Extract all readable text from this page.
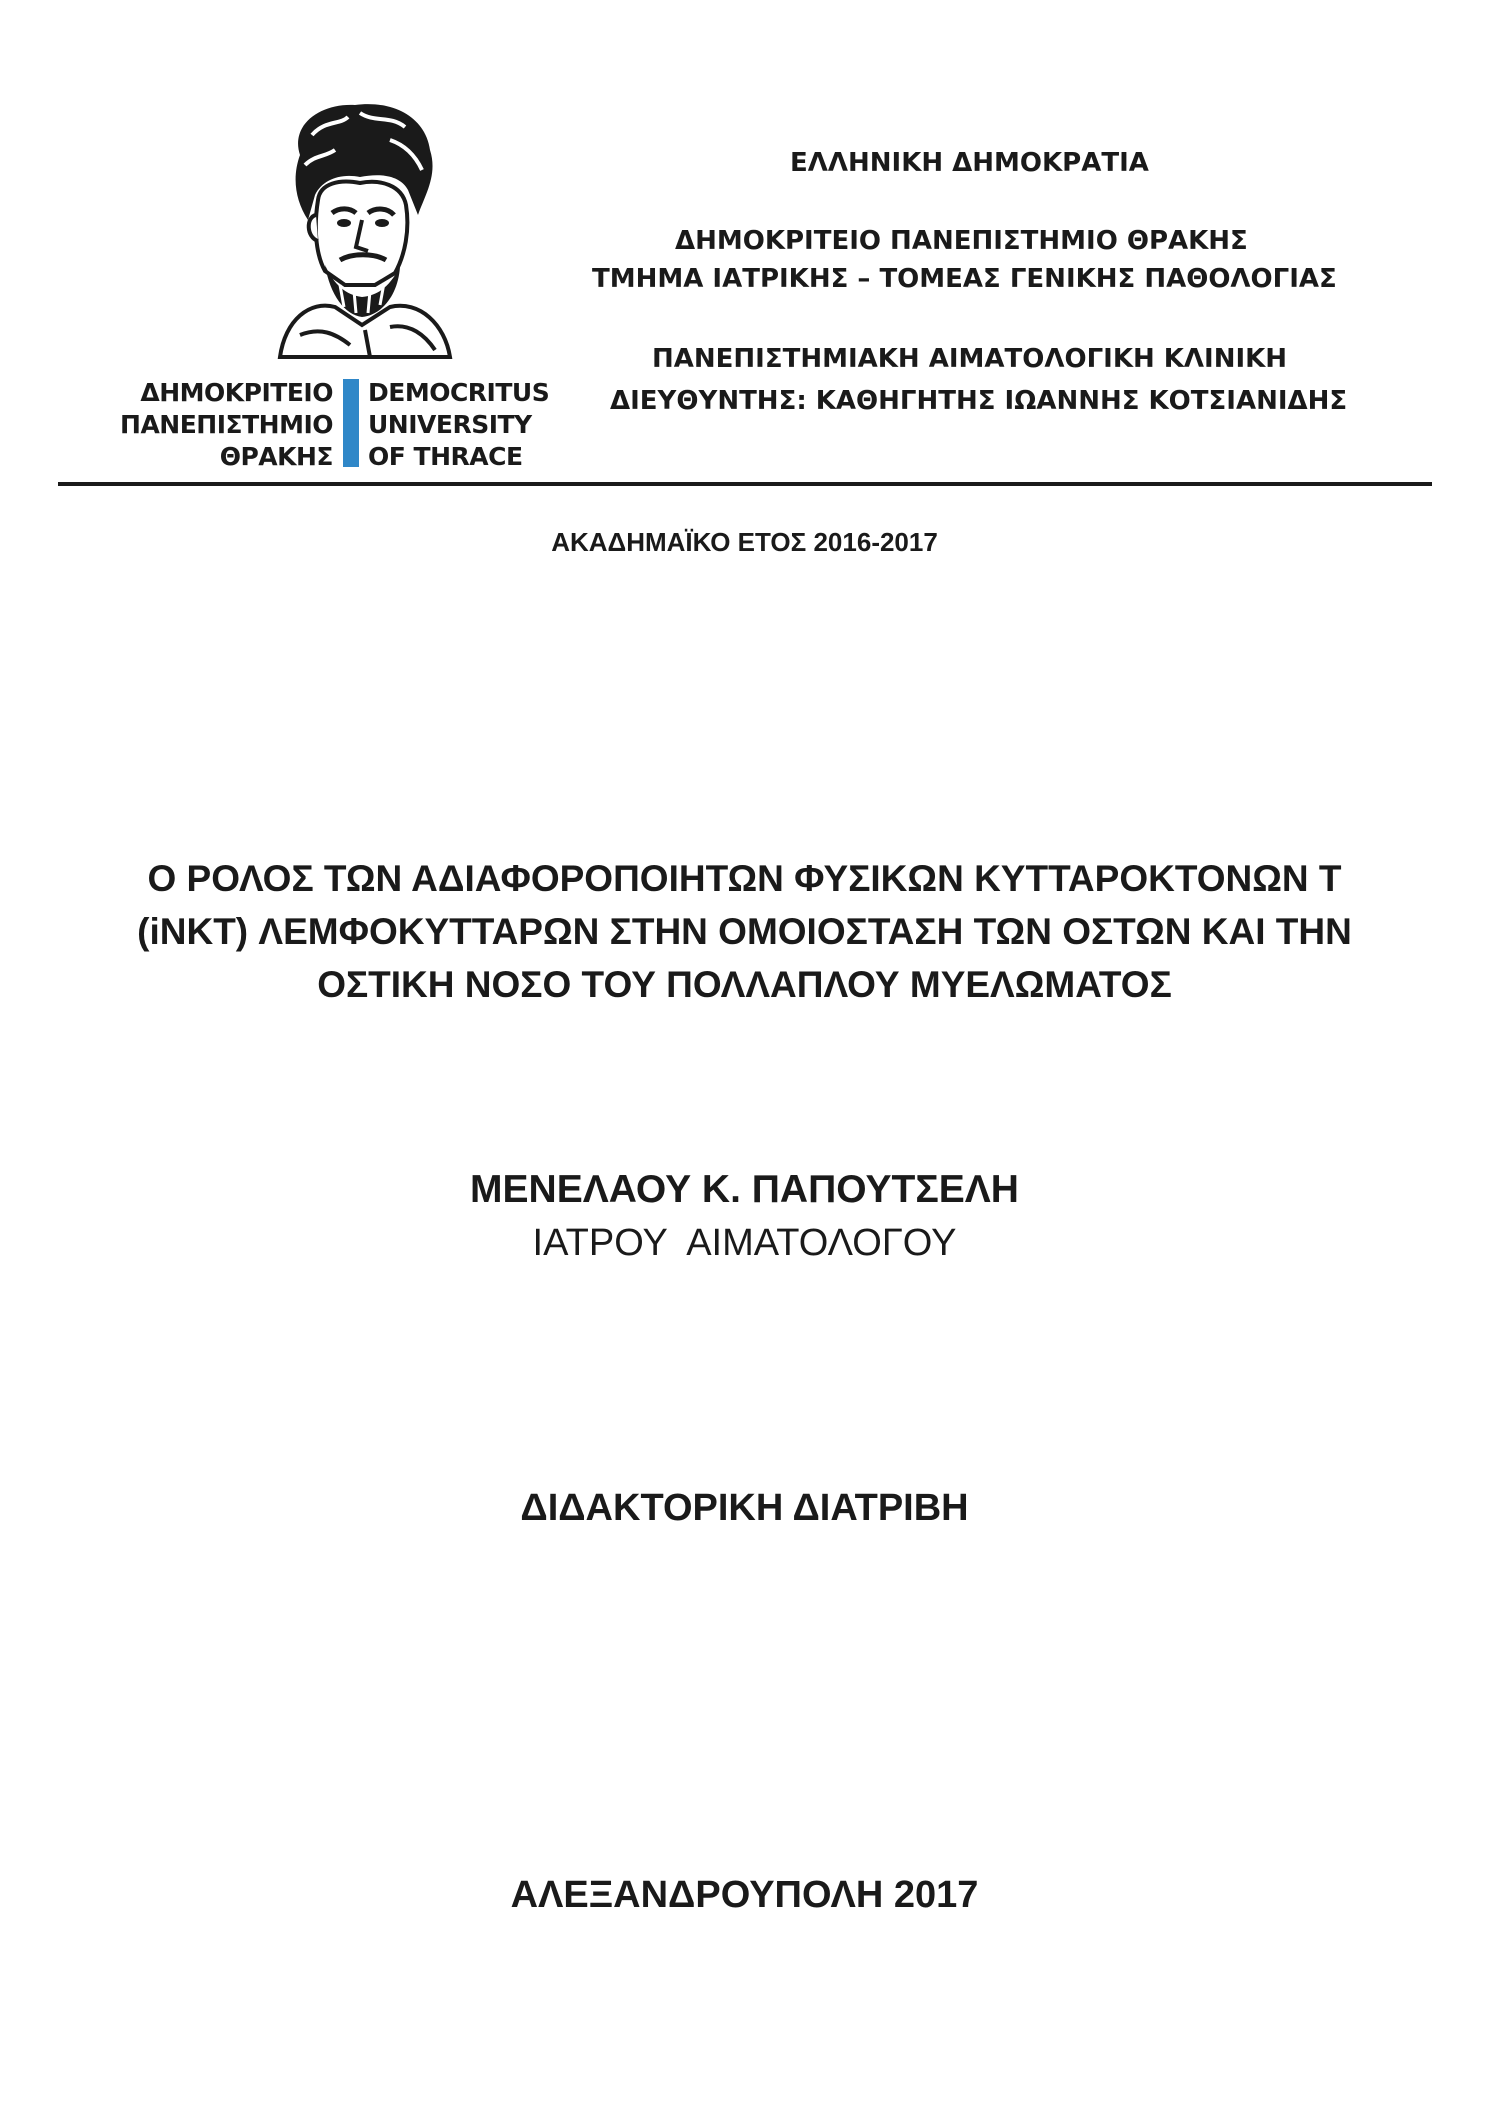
ΔΗΜΟΚΡΙΤΕΙΟ
ΠΑΝΕΠΙΣΤΗΜΙΟ
ΘΡΑΚΗΣ
DEMOCRITUS
UNIVERSITY
OF THRACE
ΕΛΛΗΝΙΚΗ ΔΗΜΟΚΡΑΤΙΑ
ΔΗΜΟΚΡΙΤΕΙΟ ΠΑΝΕΠΙΣΤΗΜΙΟ ΘΡΑΚΗΣ
ΤΜΗΜΑ ΙΑΤΡΙΚΗΣ – ΤΟΜΕΑΣ ΓΕΝΙΚΗΣ ΠΑΘΟΛΟΓΙΑΣ
ΠΑΝΕΠΙΣΤΗΜΙΑΚΗ ΑΙΜΑΤΟΛΟΓΙΚΗ ΚΛΙΝΙΚΗ
ΔΙΕΥΘΥΝΤΗΣ: ΚΑΘΗΓΗΤΗΣ ΙΩΑΝΝΗΣ ΚΟΤΣΙΑΝΙΔΗΣ
ΑΚΑΔΗΜΑΪΚΟ ΕΤΟΣ 2016-2017
Ο ΡΟΛΟΣ ΤΩΝ ΑΔΙΑΦΟΡΟΠΟΙΗΤΩΝ ΦΥΣΙΚΩΝ ΚΥΤΤΑΡΟΚΤΟΝΩΝ Τ
(iNKT) ΛΕΜΦΟΚΥΤΤΑΡΩΝ ΣΤΗΝ ΟΜΟΙΟΣΤΑΣΗ ΤΩΝ ΟΣΤΩΝ ΚΑΙ ΤΗΝ
ΟΣΤΙΚΗ ΝΟΣΟ ΤΟΥ ΠΟΛΛΑΠΛΟΥ ΜΥΕΛΩΜΑΤΟΣ
ΜΕΝΕΛΑΟΥ Κ. ΠΑΠΟΥΤΣΕΛΗ
ΙΑΤΡΟΥ  ΑΙΜΑΤΟΛΟΓΟΥ
ΔΙΔΑΚΤΟΡΙΚΗ ΔΙΑΤΡΙΒΗ
ΑΛΕΞΑΝΔΡΟΥΠΟΛΗ 2017
